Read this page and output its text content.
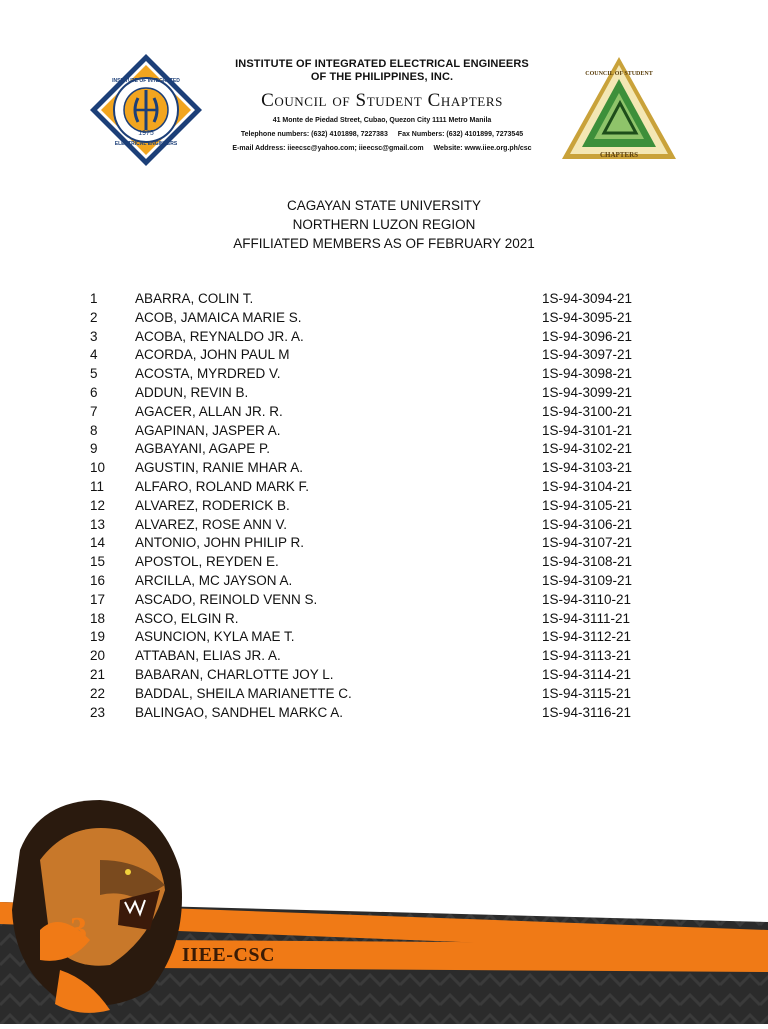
1975
INSTITUTE OF INTEGRATED
ELECTRICAL ENGINEERS
INSTITUTE OF INTEGRATED ELECTRICAL ENGINEERS
OF THE PHILIPPINES, INC.
Council of Student Chapters
41 Monte de Piedad Street, Cubao, Quezon City 1111 Metro Manila
Telephone numbers: (632) 4101898, 7227383 Fax Numbers: (632) 4101899, 7273545
E-mail Address: iieecsc@yahoo.com; iieecsc@gmail.com Website: www.iiee.org.ph/csc
COUNCIL OF STUDENT
CHAPTERS
CAGAYAN STATE UNIVERSITY
NORTHERN LUZON REGION
AFFILIATED MEMBERS AS OF FEBRUARY 2021
1	ABARRA, COLIN T.	1S-94-3094-21
2	ACOB, JAMAICA MARIE S.	1S-94-3095-21
3	ACOBA, REYNALDO JR. A.	1S-94-3096-21
4	ACORDA, JOHN PAUL M	1S-94-3097-21
5	ACOSTA, MYRDRED V.	1S-94-3098-21
6	ADDUN, REVIN B.	1S-94-3099-21
7	AGACER, ALLAN JR. R.	1S-94-3100-21
8	AGAPINAN, JASPER A.	1S-94-3101-21
9	AGBAYANI, AGAPE P.	1S-94-3102-21
10 AGUSTIN, RANIE MHAR A.	1S-94-3103-21
11 ALFARO, ROLAND MARK F.	1S-94-3104-21
12 ALVAREZ, RODERICK B.	1S-94-3105-21
13 ALVAREZ, ROSE ANN V.	1S-94-3106-21
14 ANTONIO, JOHN PHILIP R.	1S-94-3107-21
15 APOSTOL, REYDEN E.	1S-94-3108-21
16 ARCILLA, MC JAYSON A.	1S-94-3109-21
17 ASCADO, REINOLD VENN S.	1S-94-3110-21
18 ASCO, ELGIN R.	1S-94-3111-21
19 ASUNCION, KYLA MAE T.	1S-94-3112-21
20 ATTABAN, ELIAS JR. A.	1S-94-3113-21
21 BABARAN, CHARLOTTE JOY L.	1S-94-3114-21
22 BADDAL, SHEILA MARIANETTE C.	1S-94-3115-21
23 BALINGAO, SANDHEL MARKC A.	1S-94-3116-21
3
IIEE-CSC
